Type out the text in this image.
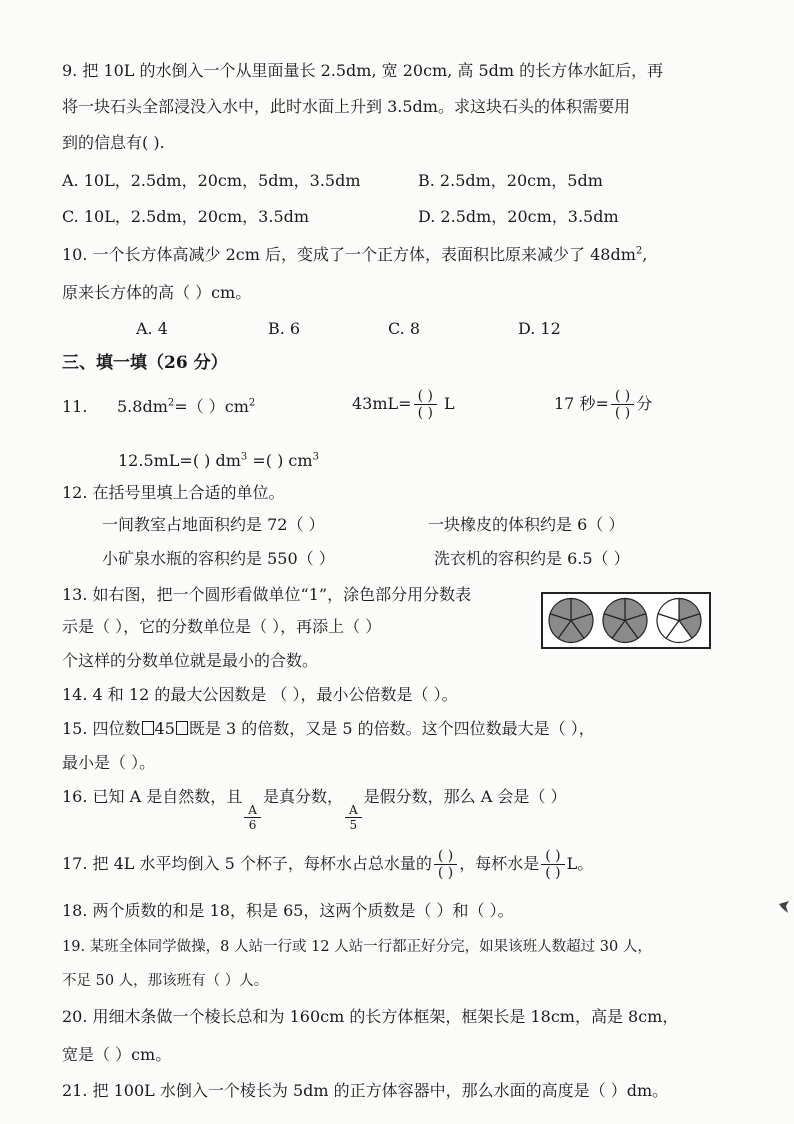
9. 把 10L 的水倒入一个从里面量长 2.5dm, 宽 20cm, 高 5dm 的长方体水缸后，再
将一块石头全部浸没入水中，此时水面上升到 3.5dm。求这块石头的体积需要用
到的信息有( ).
A. 10L，2.5dm，20cm，5dm，3.5dm	B. 2.5dm，20cm，5dm
C. 10L，2.5dm，20cm，3.5dm	D. 2.5dm，20cm，3.5dm
10. 一个长方体高减少 2cm 后，变成了一个正方体，表面积比原来减少了 $48dm^2$,
原来长方体的高（ ）cm。
A. 4	B. 6	C. 8	D. 12
三、填一填（26 分）
11. $5.8dm^2=$（ ）$cm^2$	$43mL= \frac{( )}{( )}$ L	17 秒= $\frac{( )}{( )}$ 分
12.5mL=( ) $dm^3$ =( ) $cm^3$
12. 在括号里填上合适的单位。
一间教室占地面积约是 72（ ）	一块橡皮的体积约是 6（ ）
小矿泉水瓶的容积约是 550（ ）	洗衣机的容积约是 6.5（ ）
13. 如右图，把一个圆形看做单位“1”，涂色部分用分数表
示是（ ），它的分数单位是（ ），再添上（ ）
个这样的分数单位就是最小的合数。
14. 4 和 12 的最大公因数是 （ ），最小公倍数是（ ）。
15. 四位数 45 既是 3 的倍数，又是 5 的倍数。这个四位数最大是（ ），
最小是（ ）。
16. 已知 A 是自然数，且
$\frac{A}{6}$
是真分数，
$\frac{A}{5}$
是假分数，那么 A 会是（ ）
17. 把 4L 水平均倒入 5 个杯子，每杯水占总水量的 $\frac{( )}{( )}$ ，每杯水是 $\frac{( )}{( )}$ L。
18. 两个质数的和是 18，积是 65，这两个质数是（ ）和（ ）。
19. 某班全体同学做操，8 人站一行或 12 人站一行都正好分完，如果该班人数超过 30 人，
不足 50 人，那该班有（ ）人。
20. 用细木条做一个棱长总和为 160cm 的长方体框架，框架长是 18cm，高是 8cm，
宽是（ ）cm。
21. 把 100L 水倒入一个棱长为 5dm 的正方体容器中，那么水面的高度是（ ）dm。
